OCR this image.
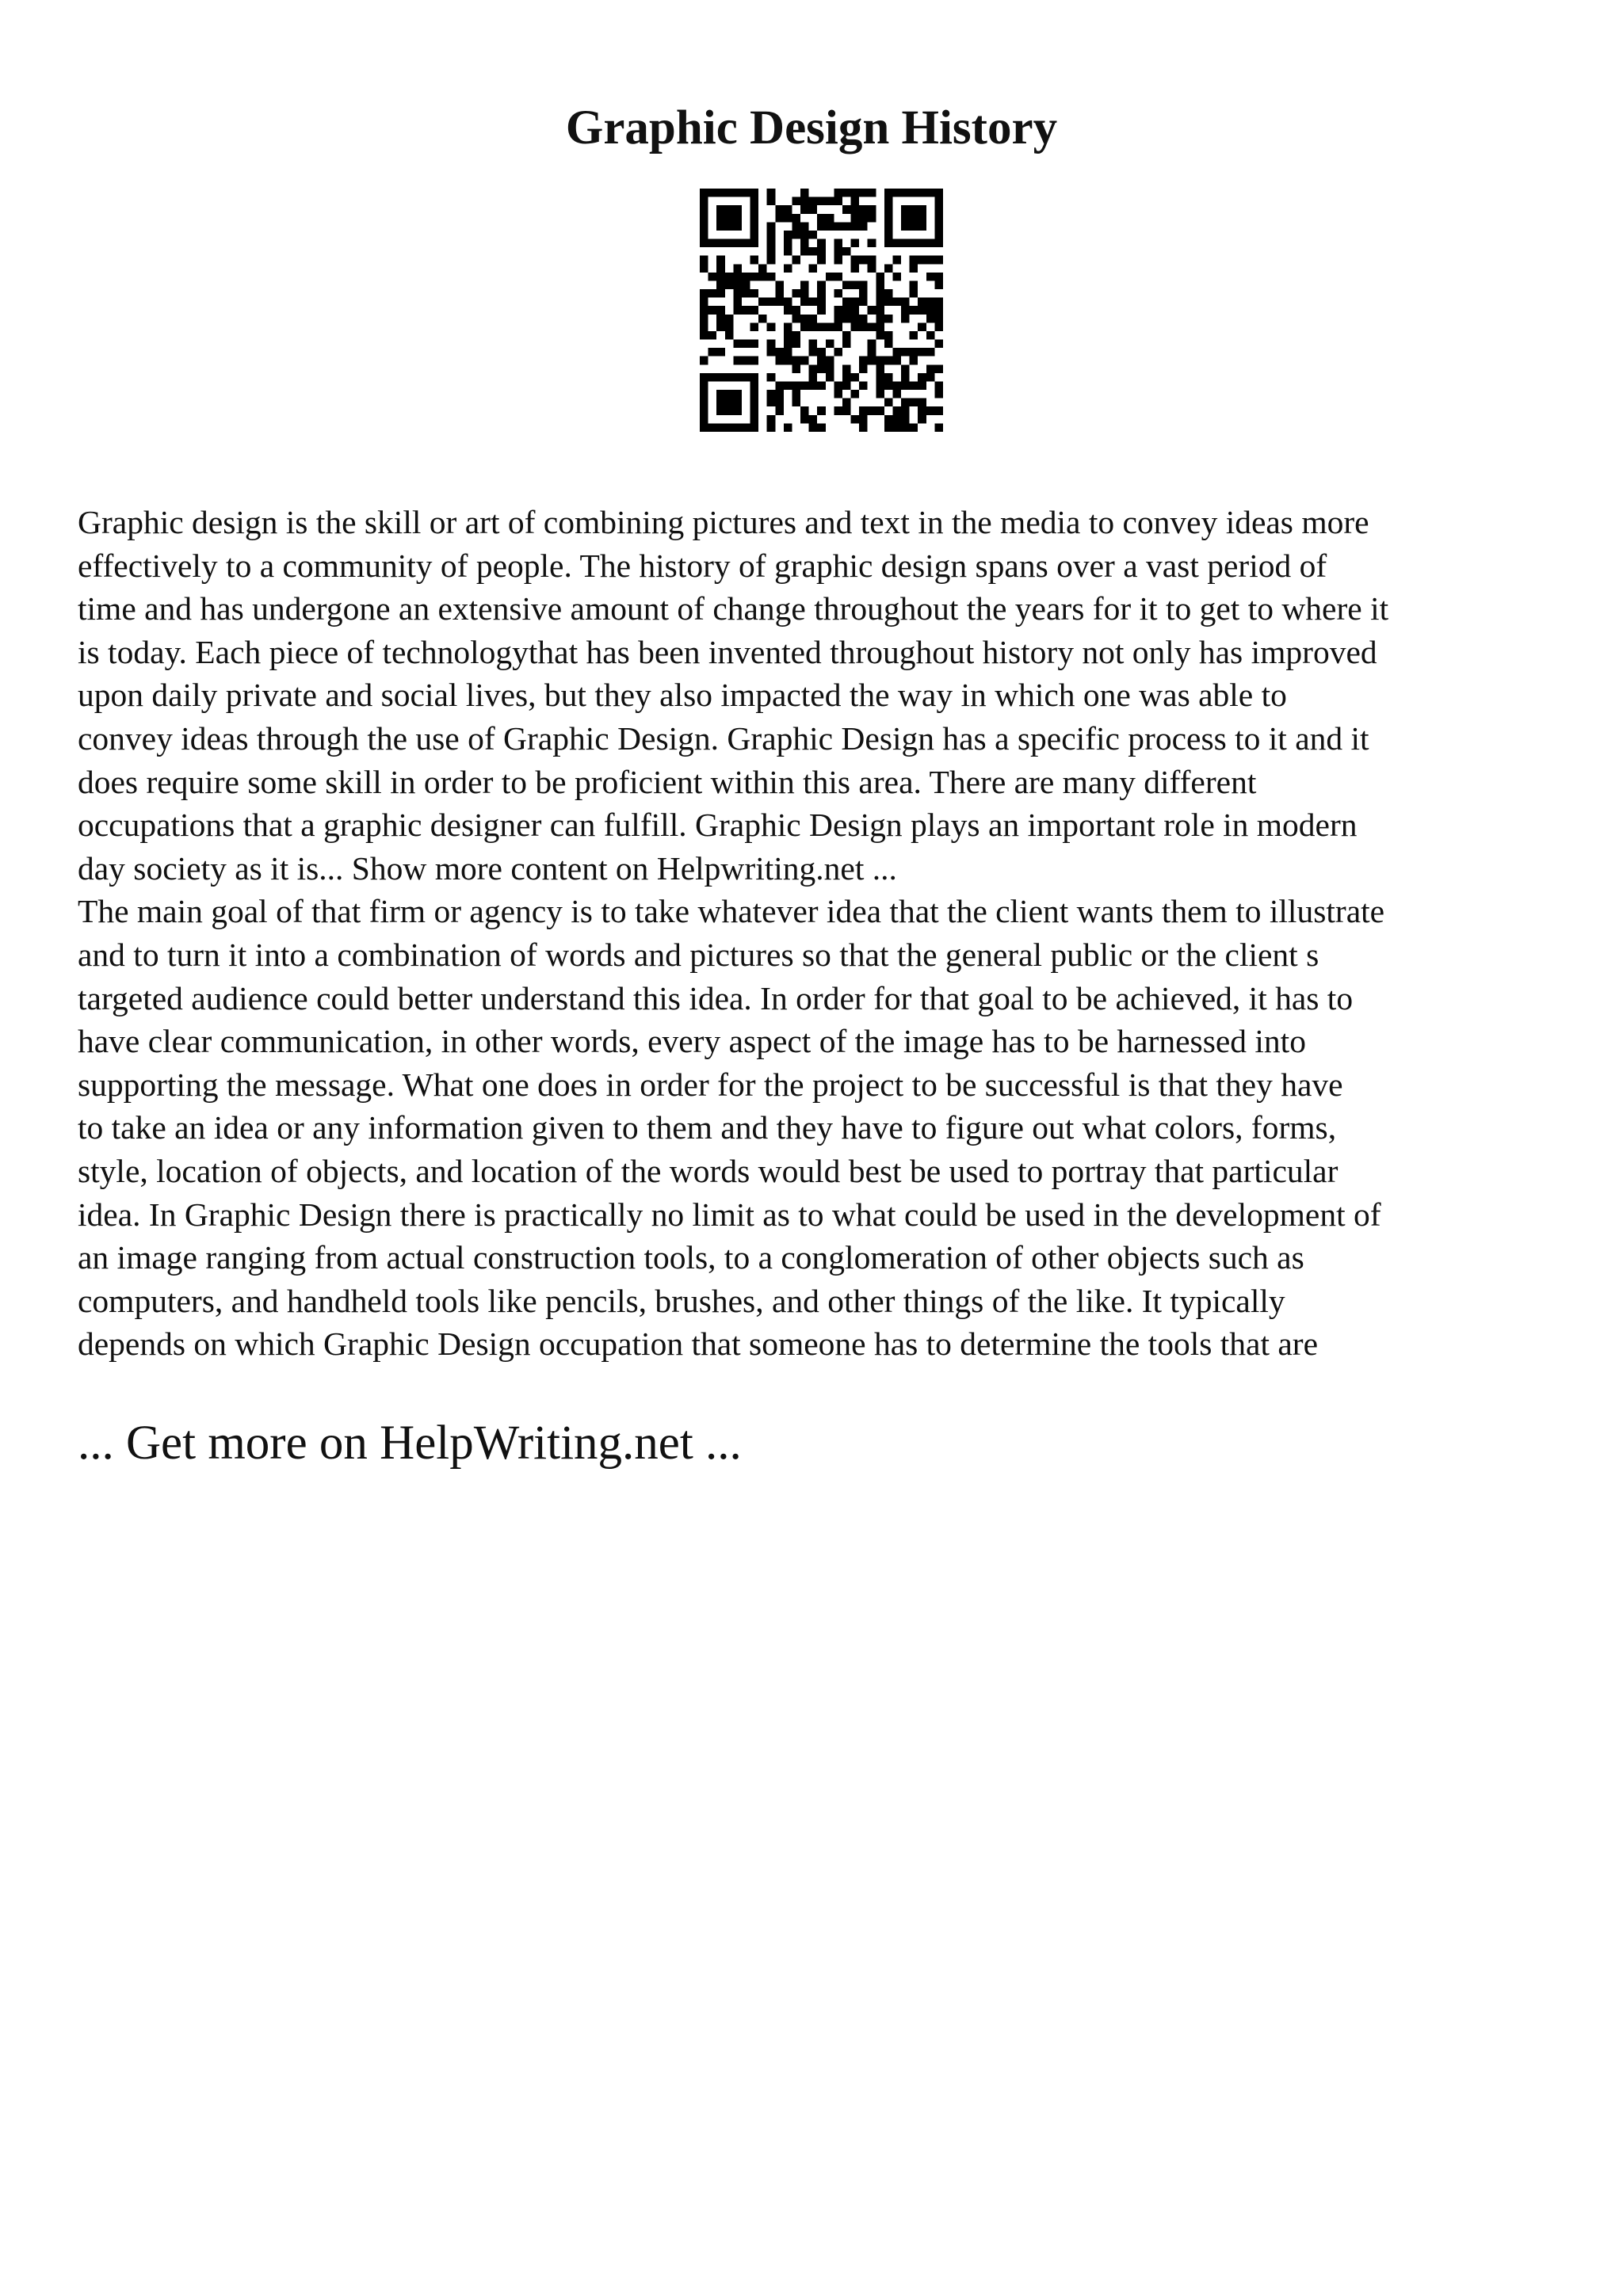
Graphic Design History
Graphic design is the skill or art of combining pictures and text in the media to convey ideas more
effectively to a community of people. The history of graphic design spans over a vast period of
time and has undergone an extensive amount of change throughout the years for it to get to where it
is today. Each piece of technologythat has been invented throughout history not only has improved
upon daily private and social lives, but they also impacted the way in which one was able to
convey ideas through the use of Graphic Design. Graphic Design has a specific process to it and it
does require some skill in order to be proficient within this area. There are many different
occupations that a graphic designer can fulfill. Graphic Design plays an important role in modern
day society as it is... Show more content on Helpwriting.net ...
The main goal of that firm or agency is to take whatever idea that the client wants them to illustrate
and to turn it into a combination of words and pictures so that the general public or the client s
targeted audience could better understand this idea. In order for that goal to be achieved, it has to
have clear communication, in other words, every aspect of the image has to be harnessed into
supporting the message. What one does in order for the project to be successful is that they have
to take an idea or any information given to them and they have to figure out what colors, forms,
style, location of objects, and location of the words would best be used to portray that particular
idea. In Graphic Design there is practically no limit as to what could be used in the development of
an image ranging from actual construction tools, to a conglomeration of other objects such as
computers, and handheld tools like pencils, brushes, and other things of the like. It typically
depends on which Graphic Design occupation that someone has to determine the tools that are

... Get more on HelpWriting.net ...
